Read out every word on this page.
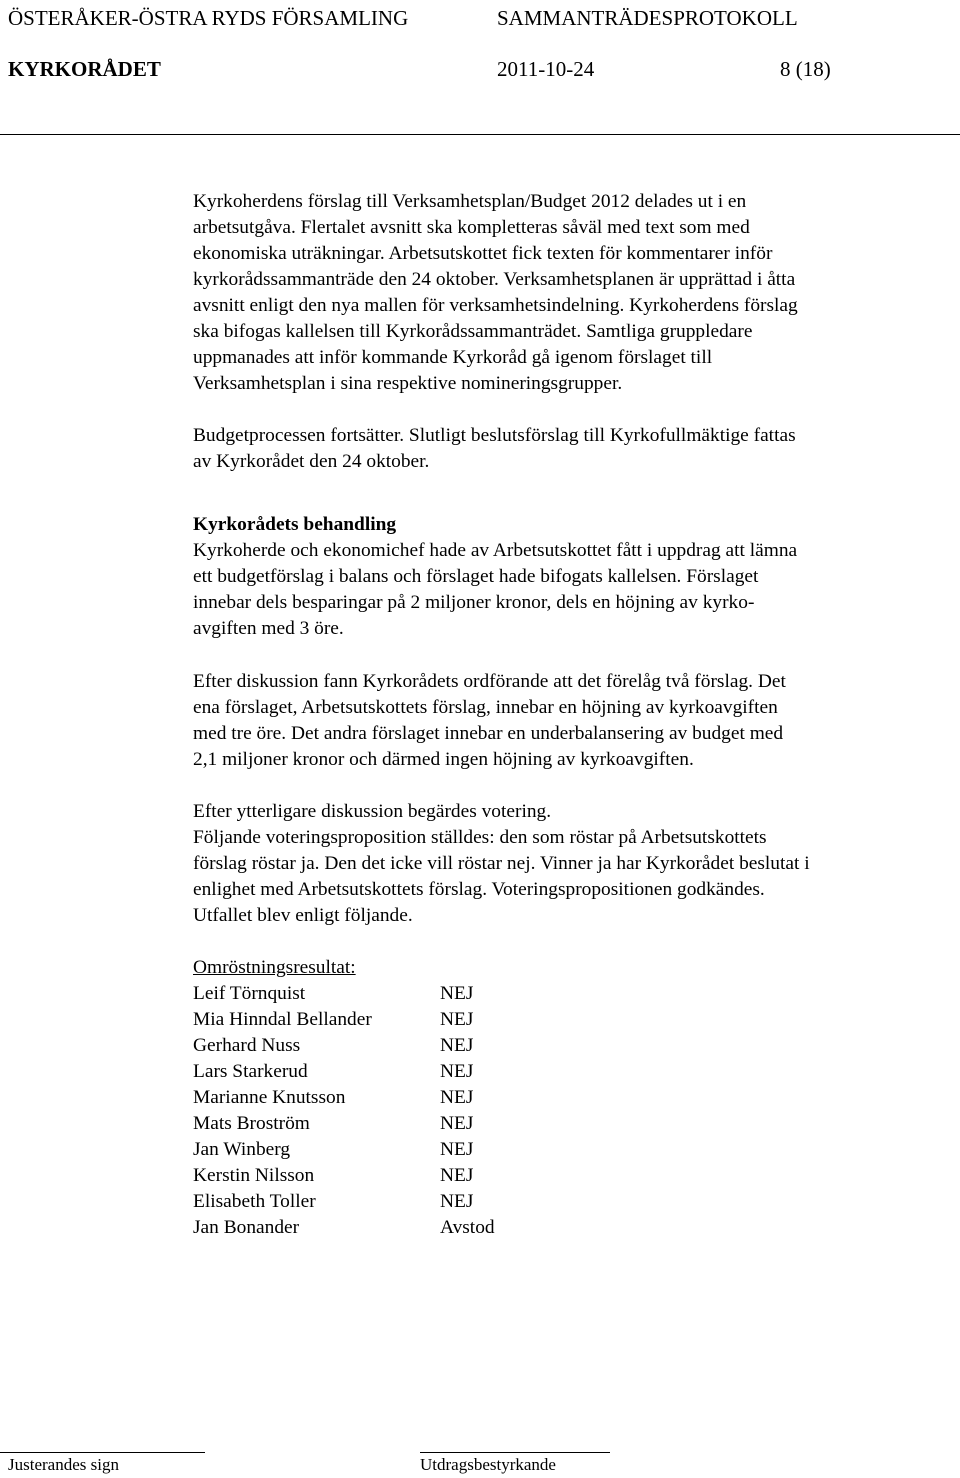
ÖSTERÅKER-ÖSTRA RYDS FÖRSAMLING	SAMMANTRÄDESPROTOKOLL
KYRKORÅDET	2011-10-24	8 (18)
Kyrkoherdens förslag till Verksamhetsplan/Budget 2012 delades ut i en
arbetsutgåva. Flertalet avsnitt ska kompletteras såväl med text som med
ekonomiska uträkningar. Arbetsutskottet fick texten för kommentarer inför
kyrkorådssammanträde den 24 oktober. Verksamhetsplanen är upprättad i åtta
avsnitt enligt den nya mallen för verksamhetsindelning. Kyrkoherdens förslag
ska bifogas kallelsen till Kyrkorådssammanträdet. Samtliga gruppledare
uppmanades att inför kommande Kyrkoråd gå igenom förslaget till
Verksamhetsplan i sina respektive nomineringsgrupper.
Budgetprocessen fortsätter. Slutligt beslutsförslag till Kyrkofullmäktige fattas
av Kyrkorådet den 24 oktober.
Kyrkorådets behandling
Kyrkoherde och ekonomichef hade av Arbetsutskottet fått i uppdrag att lämna
ett budgetförslag i balans och förslaget hade bifogats kallelsen. Förslaget
innebar dels besparingar på 2 miljoner kronor, dels en höjning av kyrko-
avgiften med 3 öre.
Efter diskussion fann Kyrkorådets ordförande att det förelåg två förslag. Det
ena förslaget, Arbetsutskottets förslag, innebar en höjning av kyrkoavgiften
med tre öre. Det andra förslaget innebar en underbalansering av budget med
2,1 miljoner kronor och därmed ingen höjning av kyrkoavgiften.
Efter ytterligare diskussion begärdes votering.
Följande voteringsproposition ställdes: den som röstar på Arbetsutskottets
förslag röstar ja. Den det icke vill röstar nej. Vinner ja har Kyrkorådet beslutat i
enlighet med Arbetsutskottets förslag. Voteringspropositionen godkändes.
Utfallet blev enligt följande.
Omröstningsresultat:
Leif Törnquist	NEJ
Mia Hinndal Bellander	NEJ
Gerhard Nuss	NEJ
Lars Starkerud	NEJ
Marianne Knutsson	NEJ
Mats Broström	NEJ
Jan Winberg	NEJ
Kerstin Nilsson	NEJ
Elisabeth Toller	NEJ
Jan Bonander	Avstod
Justerandes sign	Utdragsbestyrkande
